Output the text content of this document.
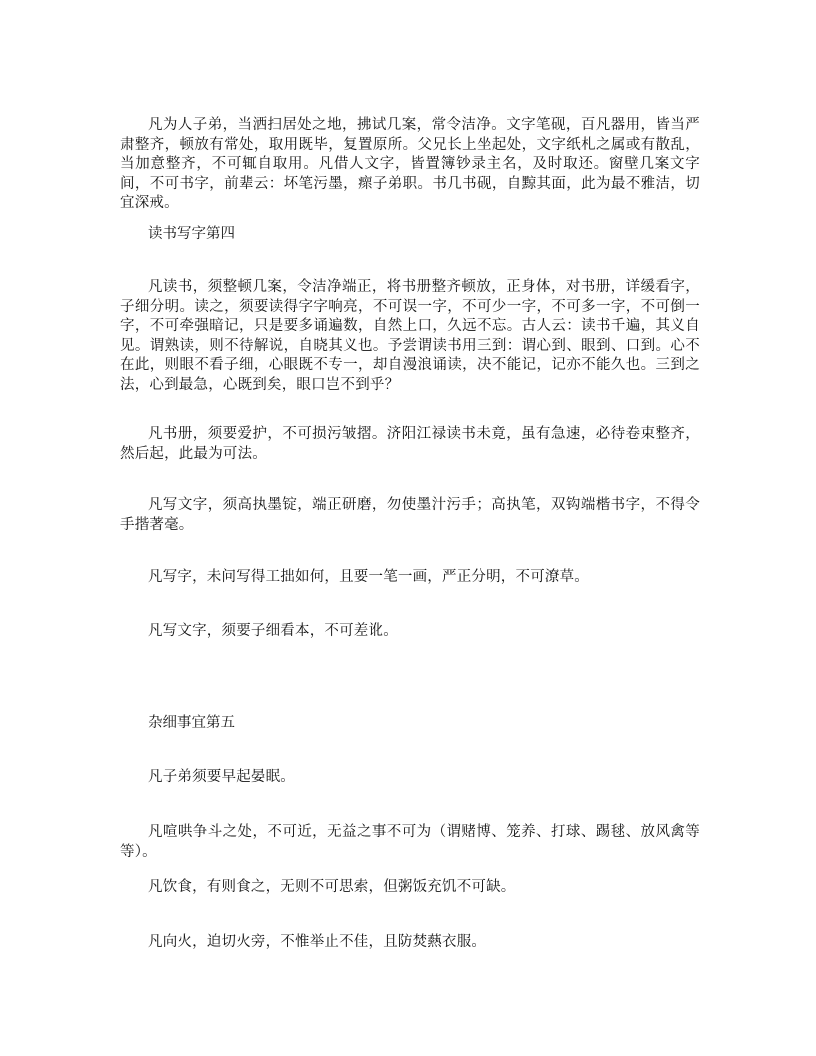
凡为人子弟，当洒扫居处之地，拂试几案，常令洁净。文字笔砚，百凡器用，皆当严肃整齐，顿放有常处，取用既毕，复置原所。父兄长上坐起处，文字纸札之属或有散乱，当加意整齐，不可辄自取用。凡借人文字，皆置簿钞录主名，及时取还。窗壁几案文字间，不可书字，前辈云：坏笔污墨，瘝子弟职。书几书砚，自黥其面，此为最不雅洁，切宜深戒。

读书写字第四

凡读书，须整顿几案，令洁净端正，将书册整齐顿放，正身体，对书册，详缓看字，子细分明。读之，须要读得字字响亮，不可误一字，不可少一字，不可多一字，不可倒一字，不可牵强暗记，只是要多诵遍数，自然上口，久远不忘。古人云：读书千遍，其义自见。谓熟读，则不待解说，自晓其义也。予尝谓读书用三到：谓心到、眼到、口到。心不在此，则眼不看子细，心眼既不专一，却自漫浪诵读，决不能记，记亦不能久也。三到之法，心到最急，心既到矣，眼口岂不到乎？

凡书册，须要爱护，不可损污皱摺。济阳江禄读书未竟，虽有急速，必待卷束整齐，然后起，此最为可法。

凡写文字，须高执墨锭，端正研磨，勿使墨汁污手；高执笔，双钩端楷书字，不得令手揩著毫。

凡写字，未问写得工拙如何，且要一笔一画，严正分明，不可潦草。

凡写文字，须要子细看本，不可差讹。

杂细事宜第五

凡子弟须要早起晏眠。

凡喧哄争斗之处，不可近，无益之事不可为（谓赌博、笼养、打球、踢毬、放风禽等等）。

凡饮食，有则食之，无则不可思索，但粥饭充饥不可缺。

凡向火，迫切火旁，不惟举止不佳，且防焚爇衣服。
